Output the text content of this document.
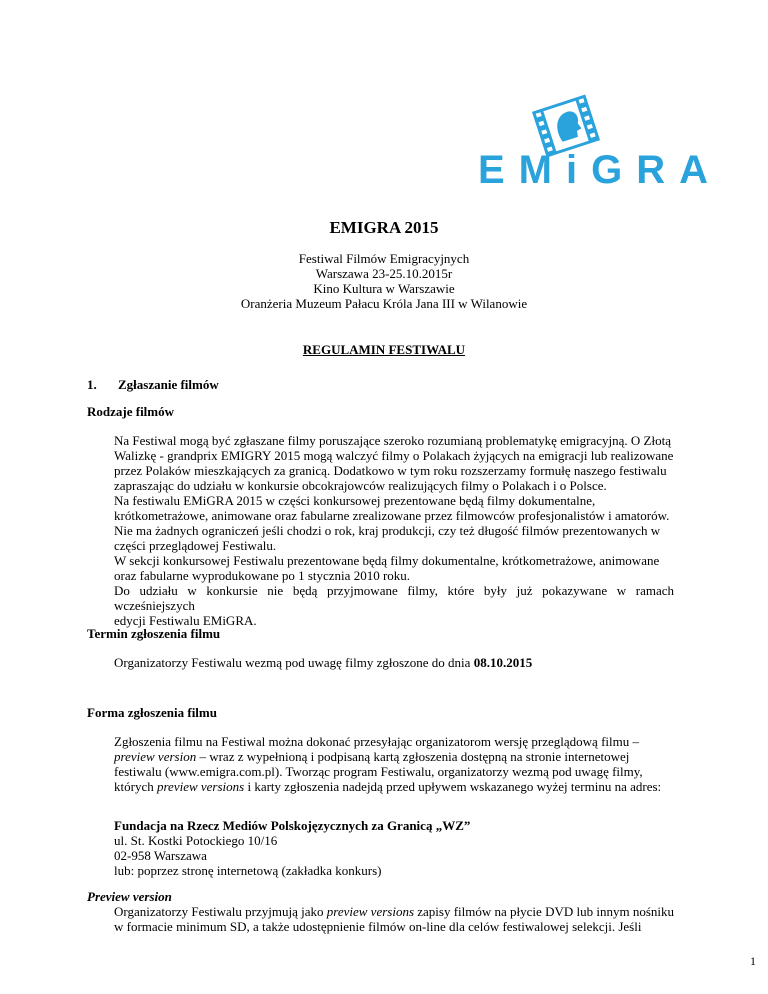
EMiGRA
EMIGRA 2015
Festiwal Filmów Emigracyjnych
Warszawa 23-25.10.2015r
Kino Kultura w Warszawie
Oranżeria Muzeum Pałacu Króla Jana III w Wilanowie
REGULAMIN FESTIWALU
1. Zgłaszanie filmów
Rodzaje filmów
Na Festiwal mogą być zgłaszane filmy poruszające szeroko rozumianą problematykę emigracyjną. O Złotą
Walizkę - grandprix EMIGRY 2015 mogą walczyć filmy o Polakach żyjących na emigracji lub realizowane
przez Polaków mieszkających za granicą. Dodatkowo w tym roku rozszerzamy formułę naszego festiwalu
zapraszając do udziału w konkursie obcokrajowców realizujących filmy o Polakach i o Polsce.
Na festiwalu EMiGRA 2015 w części konkursowej prezentowane będą filmy dokumentalne,
krótkometrażowe, animowane oraz fabularne zrealizowane przez filmowców profesjonalistów i amatorów.
Nie ma żadnych ograniczeń jeśli chodzi o rok, kraj produkcji, czy też długość filmów prezentowanych w
części przeglądowej Festiwalu.
W sekcji konkursowej Festiwalu prezentowane będą filmy dokumentalne, krótkometrażowe, animowane
oraz fabularne wyprodukowane po 1 stycznia 2010 roku.
Do udziału w konkursie nie będą przyjmowane filmy, które były już pokazywane w ramach wcześniejszych
edycji Festiwalu EMiGRA.
Termin zgłoszenia filmu
Organizatorzy Festiwalu wezmą pod uwagę filmy zgłoszone do dnia 08.10.2015
Forma zgłoszenia filmu
Zgłoszenia filmu na Festiwal można dokonać przesyłając organizatorom wersję przeglądową filmu –
preview version – wraz z wypełnioną i podpisaną kartą zgłoszenia dostępną na stronie internetowej
festiwalu (www.emigra.com.pl). Tworząc program Festiwalu, organizatorzy wezmą pod uwagę filmy,
których preview versions i karty zgłoszenia nadejdą przed upływem wskazanego wyżej terminu na adres:
Fundacja na Rzecz Mediów Polskojęzycznych za Granicą „WZ”
ul. St. Kostki Potockiego 10/16
02-958 Warszawa
lub: poprzez stronę internetową (zakładka konkurs)
Preview version
Organizatorzy Festiwalu przyjmują jako preview versions zapisy filmów na płycie DVD lub innym nośniku
w formacie minimum SD, a także udostępnienie filmów on-line dla celów festiwalowej selekcji. Jeśli
1
